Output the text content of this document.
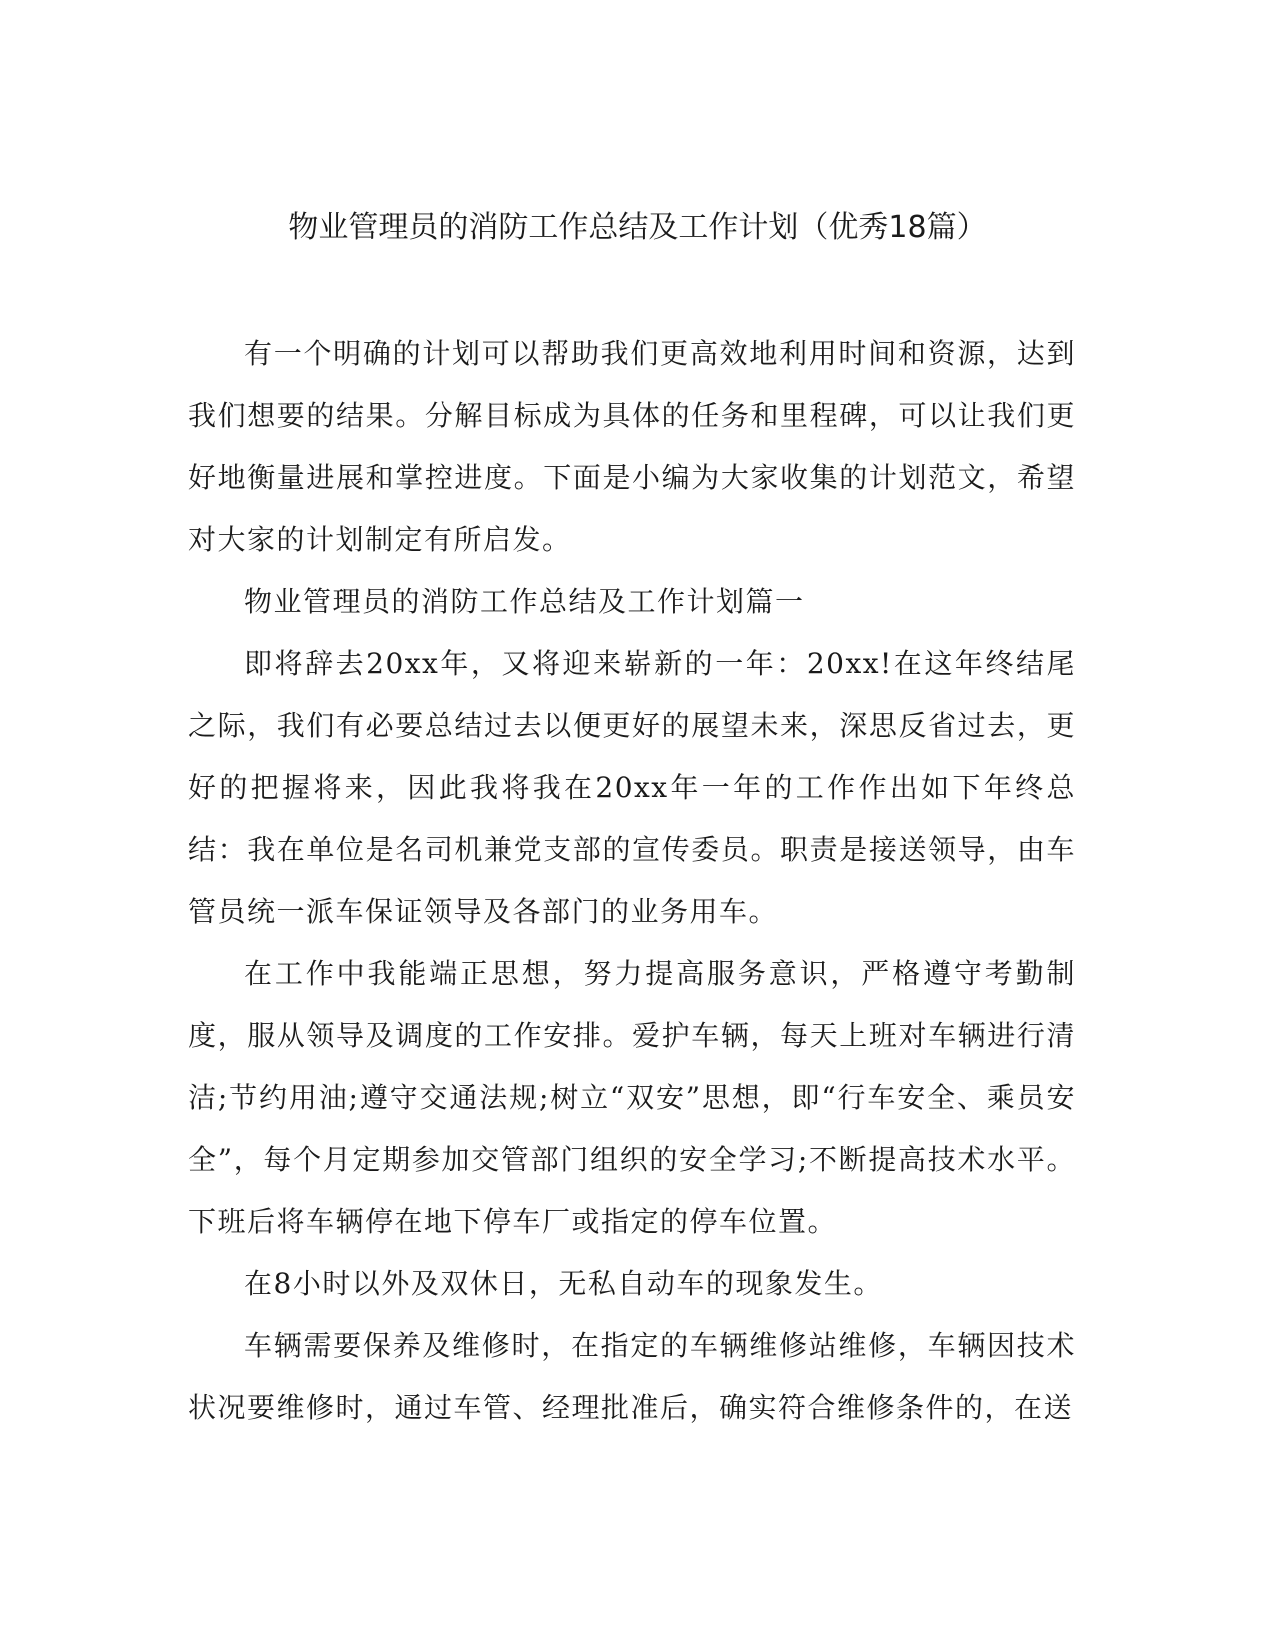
物业管理员的消防工作总结及工作计划（优秀18篇）

有一个明确的计划可以帮助我们更高效地利用时间和资源，达到我们想要的结果。分解目标成为具体的任务和里程碑，可以让我们更好地衡量进展和掌控进度。下面是小编为大家收集的计划范文，希望对大家的计划制定有所启发。

物业管理员的消防工作总结及工作计划篇一

即将辞去20xx年，又将迎来崭新的一年：20xx!在这年终结尾之际，我们有必要总结过去以便更好的展望未来，深思反省过去，更好的把握将来，因此我将我在20xx年一年的工作作出如下年终总结：我在单位是名司机兼党支部的宣传委员。职责是接送领导，由车管员统一派车保证领导及各部门的业务用车。

在工作中我能端正思想，努力提高服务意识，严格遵守考勤制度，服从领导及调度的工作安排。爱护车辆，每天上班对车辆进行清洁;节约用油;遵守交通法规;树立“双安”思想，即“行车安全、乘员安全”，每个月定期参加交管部门组织的安全学习;不断提高技术水平。下班后将车辆停在地下停车厂或指定的停车位置。

在8小时以外及双休日，无私自动车的现象发生。

车辆需要保养及维修时，在指定的车辆维修站维修，车辆因技术状况要维修时，通过车管、经理批准后，确实符合维修条件的，在送
